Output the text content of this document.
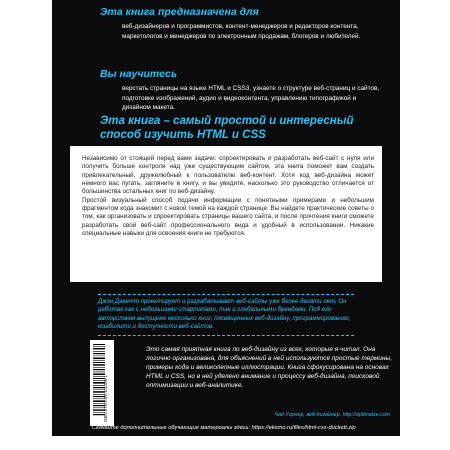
Эта книга предназначена для
веб-дизайнеров и программистов, контент-менеджеров и редакторов контента, маркетологов и менеджеров по электронным продажам, блогеров и любителей.
Вы научитесь
верстать страницы на языке HTML и CSS3, узнаете о структуре веб-страниц и сайтов, подготовке изображений, аудио и видеоконтента, управлению типографикой и дизайном макета.
Эта книга – самый простой и интересный способ изучить HTML и CSS

Независимо от стоящей перед вами задачи: спроектировать и разработать веб-сайт с нуля или получить больше контроля над уже существующим сайтом, эта книга поможет вам создать привлекательный, дружелюбный к пользователю веб-контент. Хотя код веб-дизайна может немного вас пугать, загляните в книгу, и вы увидите, насколько это руководство отличается от большинства остальных книг по веб-дизайну.

Простой визуальный способ подачи информации с понятными примерами и небольшим фрагментом кода знакомит с новой темой на каждой странице. Вы найдете практические советы о том, как организовать и спроектировать страницы вашего сайта, и после прочтения книги сможете разработать свой веб-сайт профессионального вида и удобный в использовании. Никакие специальные навыки для освоения книги не требуются.

Джон Дакетт проектирует и разрабатывает веб-сайты уже более десяти лет. Он работал как с небольшими стартапами, так и глобальными брендами. Под его авторством выпущено несколько книг, посвященных веб-дизайну, программированию, юзабилити и доступности веб-сайтов.
ISBN 978-5-04-101286-1
Это самая приятная книга по веб-дизайну из всех, которые я читал. Она логично организована, для объяснений в ней используются простые термины, примеры кода и великолепные иллюстрации. Книга сфокусирована на основах HTML и CSS, но в ней уделено внимание и процессу веб-дизайна, поисковой оптимизации и веб-аналитике.
Чад Уорнер, веб-дизайнер, http://optimalse.com
Скачайте дополнительные обучающие материалы здесь: https://eksmo.ru/files/html-css-duckett.zip
